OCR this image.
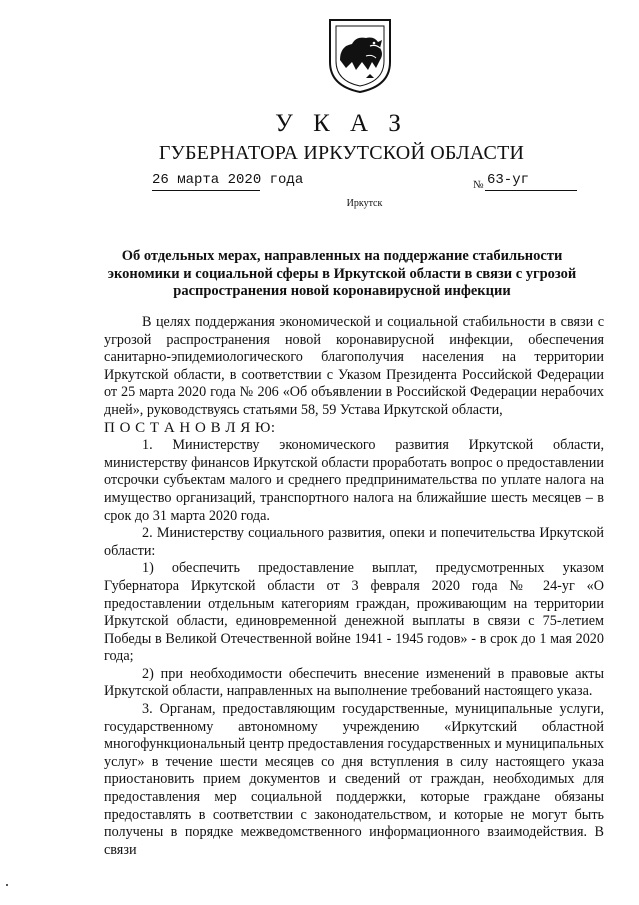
У К А З
ГУБЕРНАТОРА ИРКУТСКОЙ ОБЛАСТИ
26 марта 2020 года	№ 63-уг
Иркутск
Об отдельных мерах, направленных на поддержание стабильности
экономики и социальной сферы в Иркутской области в связи с угрозой
распространения новой коронавирусной инфекции

В целях поддержания экономической и социальной стабильности в связи с угрозой распространения новой коронавирусной инфекции, обеспечения санитарно-эпидемиологического благополучия населения на территории Иркутской области, в соответствии с Указом Президента Российской Федерации от 25 марта 2020 года № 206 «Об объявлении в Российской Федерации нерабочих дней», руководствуясь статьями 58, 59 Устава Иркутской области,

П О С Т А Н О В Л Я Ю:

1. Министерству экономического развития Иркутской области, министерству финансов Иркутской области проработать вопрос о предоставлении отсрочки субъектам малого и среднего предпринимательства по уплате налога на имущество организаций, транспортного налога на ближайшие шесть месяцев – в срок до 31 марта 2020 года.

2. Министерству социального развития, опеки и попечительства Иркутской области:

1) обеспечить предоставление выплат, предусмотренных указом Губернатора Иркутской области от 3 февраля 2020 года № 24-уг «О предоставлении отдельным категориям граждан, проживающим на территории Иркутской области, единовременной денежной выплаты в связи с 75-летием Победы в Великой Отечественной войне 1941 - 1945 годов» - в срок до 1 мая 2020 года;

2) при необходимости обеспечить внесение изменений в правовые акты Иркутской области, направленных на выполнение требований настоящего указа.

3. Органам, предоставляющим государственные, муниципальные услуги, государственному автономному учреждению «Иркутский областной многофункциональный центр предоставления государственных и муниципальных услуг» в течение шести месяцев со дня вступления в силу настоящего указа приостановить прием документов и сведений от граждан, необходимых для предоставления мер социальной поддержки, которые граждане обязаны предоставлять в соответствии с законодательством, и которые не могут быть получены в порядке межведомственного информационного взаимодействия. В связи
